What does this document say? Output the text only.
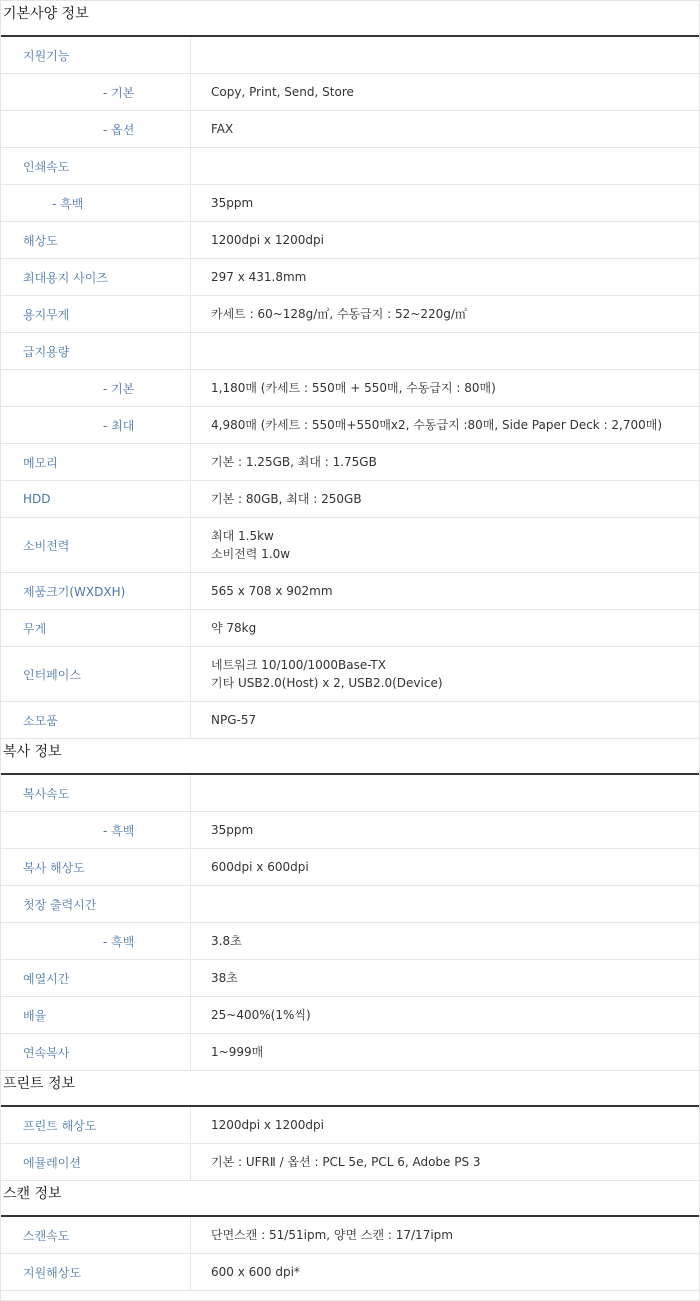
기본사양 정보
지원기능	

- 기본	Copy, Print, Send, Store

- 옵션	FAX

인쇄속도	

- 흑백	35ppm

해상도	1200dpi x 1200dpi

최대용지 사이즈	297 x 431.8mm

용지무게	카세트 : 60~128g/㎡, 수동급지 : 52~220g/㎡

급지용량	

- 기본	1,180매 (카세트 : 550매 + 550매, 수동급지 : 80매)

- 최대	4,980매 (카세트 : 550매+550매x2, 수동급지 :80매, Side Paper Deck : 2,700매)

메모리	기본 : 1.25GB, 최대 : 1.75GB

HDD	기본 : 80GB, 최대 : 250GB

소비전력	최대 1.5kw
소비전력 1.0w

제품크기(WXDXH)	565 x 708 x 902mm

무게	약 78kg

인터페이스	네트워크 10/100/1000Base-TX
기타 USB2.0(Host) x 2, USB2.0(Device)

소모품	NPG-57
복사 정보
복사속도	

- 흑백	35ppm

복사 해상도	600dpi x 600dpi

첫장 출력시간	

- 흑백	3.8초

예열시간	38초

배율	25~400%(1%씩)

연속복사	1~999매
프린트 정보
프린트 해상도	1200dpi x 1200dpi

에뮬레이션	기본 : UFRⅡ / 옵션 : PCL 5e, PCL 6, Adobe PS 3
스캔 정보
스캔속도	단면스캔 : 51/51ipm, 양면 스캔 : 17/17ipm

지원해상도	600 x 600 dpi*
